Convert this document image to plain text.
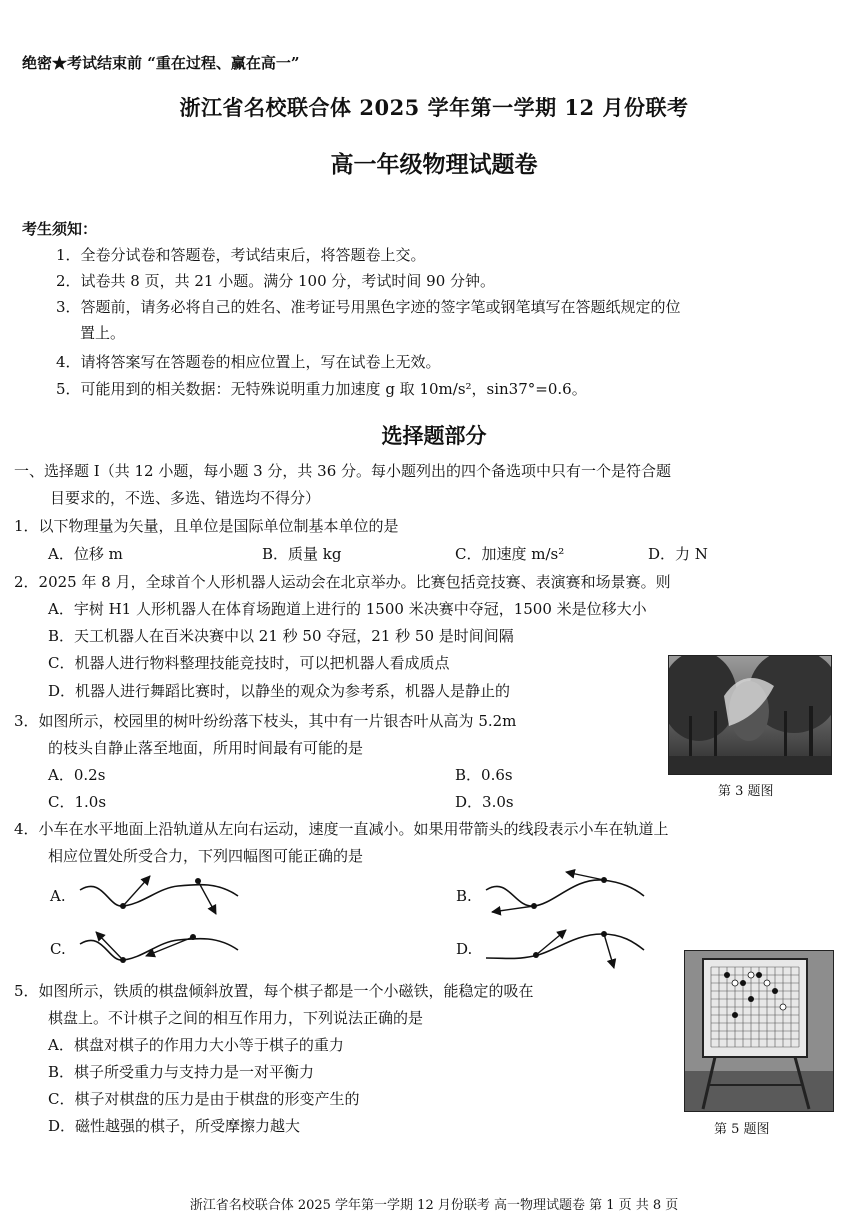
绝密★考试结束前 “重在过程、赢在高一”
浙江省名校联合体 2025 学年第一学期 12 月份联考
高一年级物理试题卷
考生须知：
1．全卷分试卷和答题卷，考试结束后，将答题卷上交。
2．试卷共 8 页，共 21 小题。满分 100 分，考试时间 90 分钟。
3．答题前，请务必将自己的姓名、准考证号用黑色字迹的签字笔或钢笔填写在答题纸规定的位
置上。
4．请将答案写在答题卷的相应位置上，写在试卷上无效。
5．可能用到的相关数据：无特殊说明重力加速度 g 取 10m/s²，sin37°=0.6。
选择题部分
一、选择题 I（共 12 小题，每小题 3 分，共 36 分。每小题列出的四个备选项中只有一个是符合题
目要求的，不选、多选、错选均不得分）
1．以下物理量为矢量，且单位是国际单位制基本单位的是
A．位移 m	B．质量 kg	C．加速度 m/s²	D．力 N
2．2025 年 8 月，全球首个人形机器人运动会在北京举办。比赛包括竞技赛、表演赛和场景赛。则
A．宇树 H1 人形机器人在体育场跑道上进行的 1500 米决赛中夺冠，1500 米是位移大小
B．天工机器人在百米决赛中以 21 秒 50 夺冠，21 秒 50 是时间间隔
C．机器人进行物料整理技能竞技时，可以把机器人看成质点
D．机器人进行舞蹈比赛时，以静坐的观众为参考系，机器人是静止的
第 3 题图
3．如图所示，校园里的树叶纷纷落下枝头，其中有一片银杏叶从高为 5.2m
的枝头自静止落至地面，所用时间最有可能的是
A．0.2s	B．0.6s
C．1.0s	D．3.0s
4．小车在水平地面上沿轨道从左向右运动，速度一直减小。如果用带箭头的线段表示小车在轨道上
相应位置处所受合力，下列四幅图可能正确的是
A.	B.
C.	D.
第 5 题图
5．如图所示，铁质的棋盘倾斜放置，每个棋子都是一个小磁铁，能稳定的吸在
棋盘上。不计棋子之间的相互作用力，下列说法正确的是
A．棋盘对棋子的作用力大小等于棋子的重力
B．棋子所受重力与支持力是一对平衡力
C．棋子对棋盘的压力是由于棋盘的形变产生的
D．磁性越强的棋子，所受摩擦力越大
浙江省名校联合体 2025 学年第一学期 12 月份联考 高一物理试题卷 第 1 页 共 8 页
